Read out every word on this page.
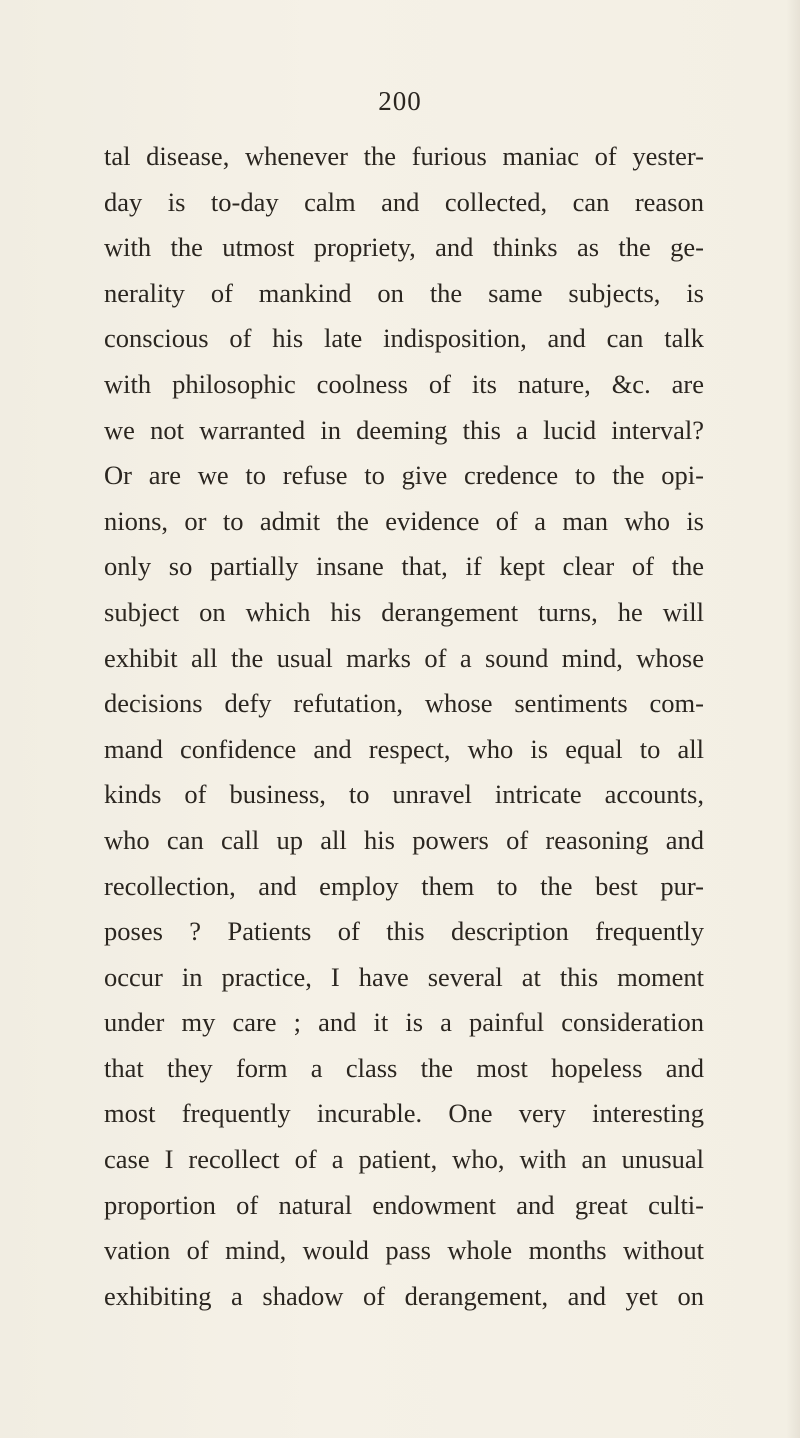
200
tal disease, whenever the furious maniac of yester-
day is to-day calm and collected, can reason
with the utmost propriety, and thinks as the ge-
nerality of mankind on the same subjects, is
conscious of his late indisposition, and can talk
with philosophic coolness of its nature, &c. are
we not warranted in deeming this a lucid interval?
Or are we to refuse to give credence to the opi-
nions, or to admit the evidence of a man who is
only so partially insane that, if kept clear of the
subject on which his derangement turns, he will
exhibit all the usual marks of a sound mind, whose
decisions defy refutation, whose sentiments com-
mand confidence and respect, who is equal to all
kinds of business, to unravel intricate accounts,
who can call up all his powers of reasoning and
recollection, and employ them to the best pur-
poses ? Patients of this description frequently
occur in practice, I have several at this moment
under my care ; and it is a painful consideration
that they form a class the most hopeless and
most frequently incurable. One very interesting
case I recollect of a patient, who, with an unusual
proportion of natural endowment and great culti-
vation of mind, would pass whole months without
exhibiting a shadow of derangement, and yet on
